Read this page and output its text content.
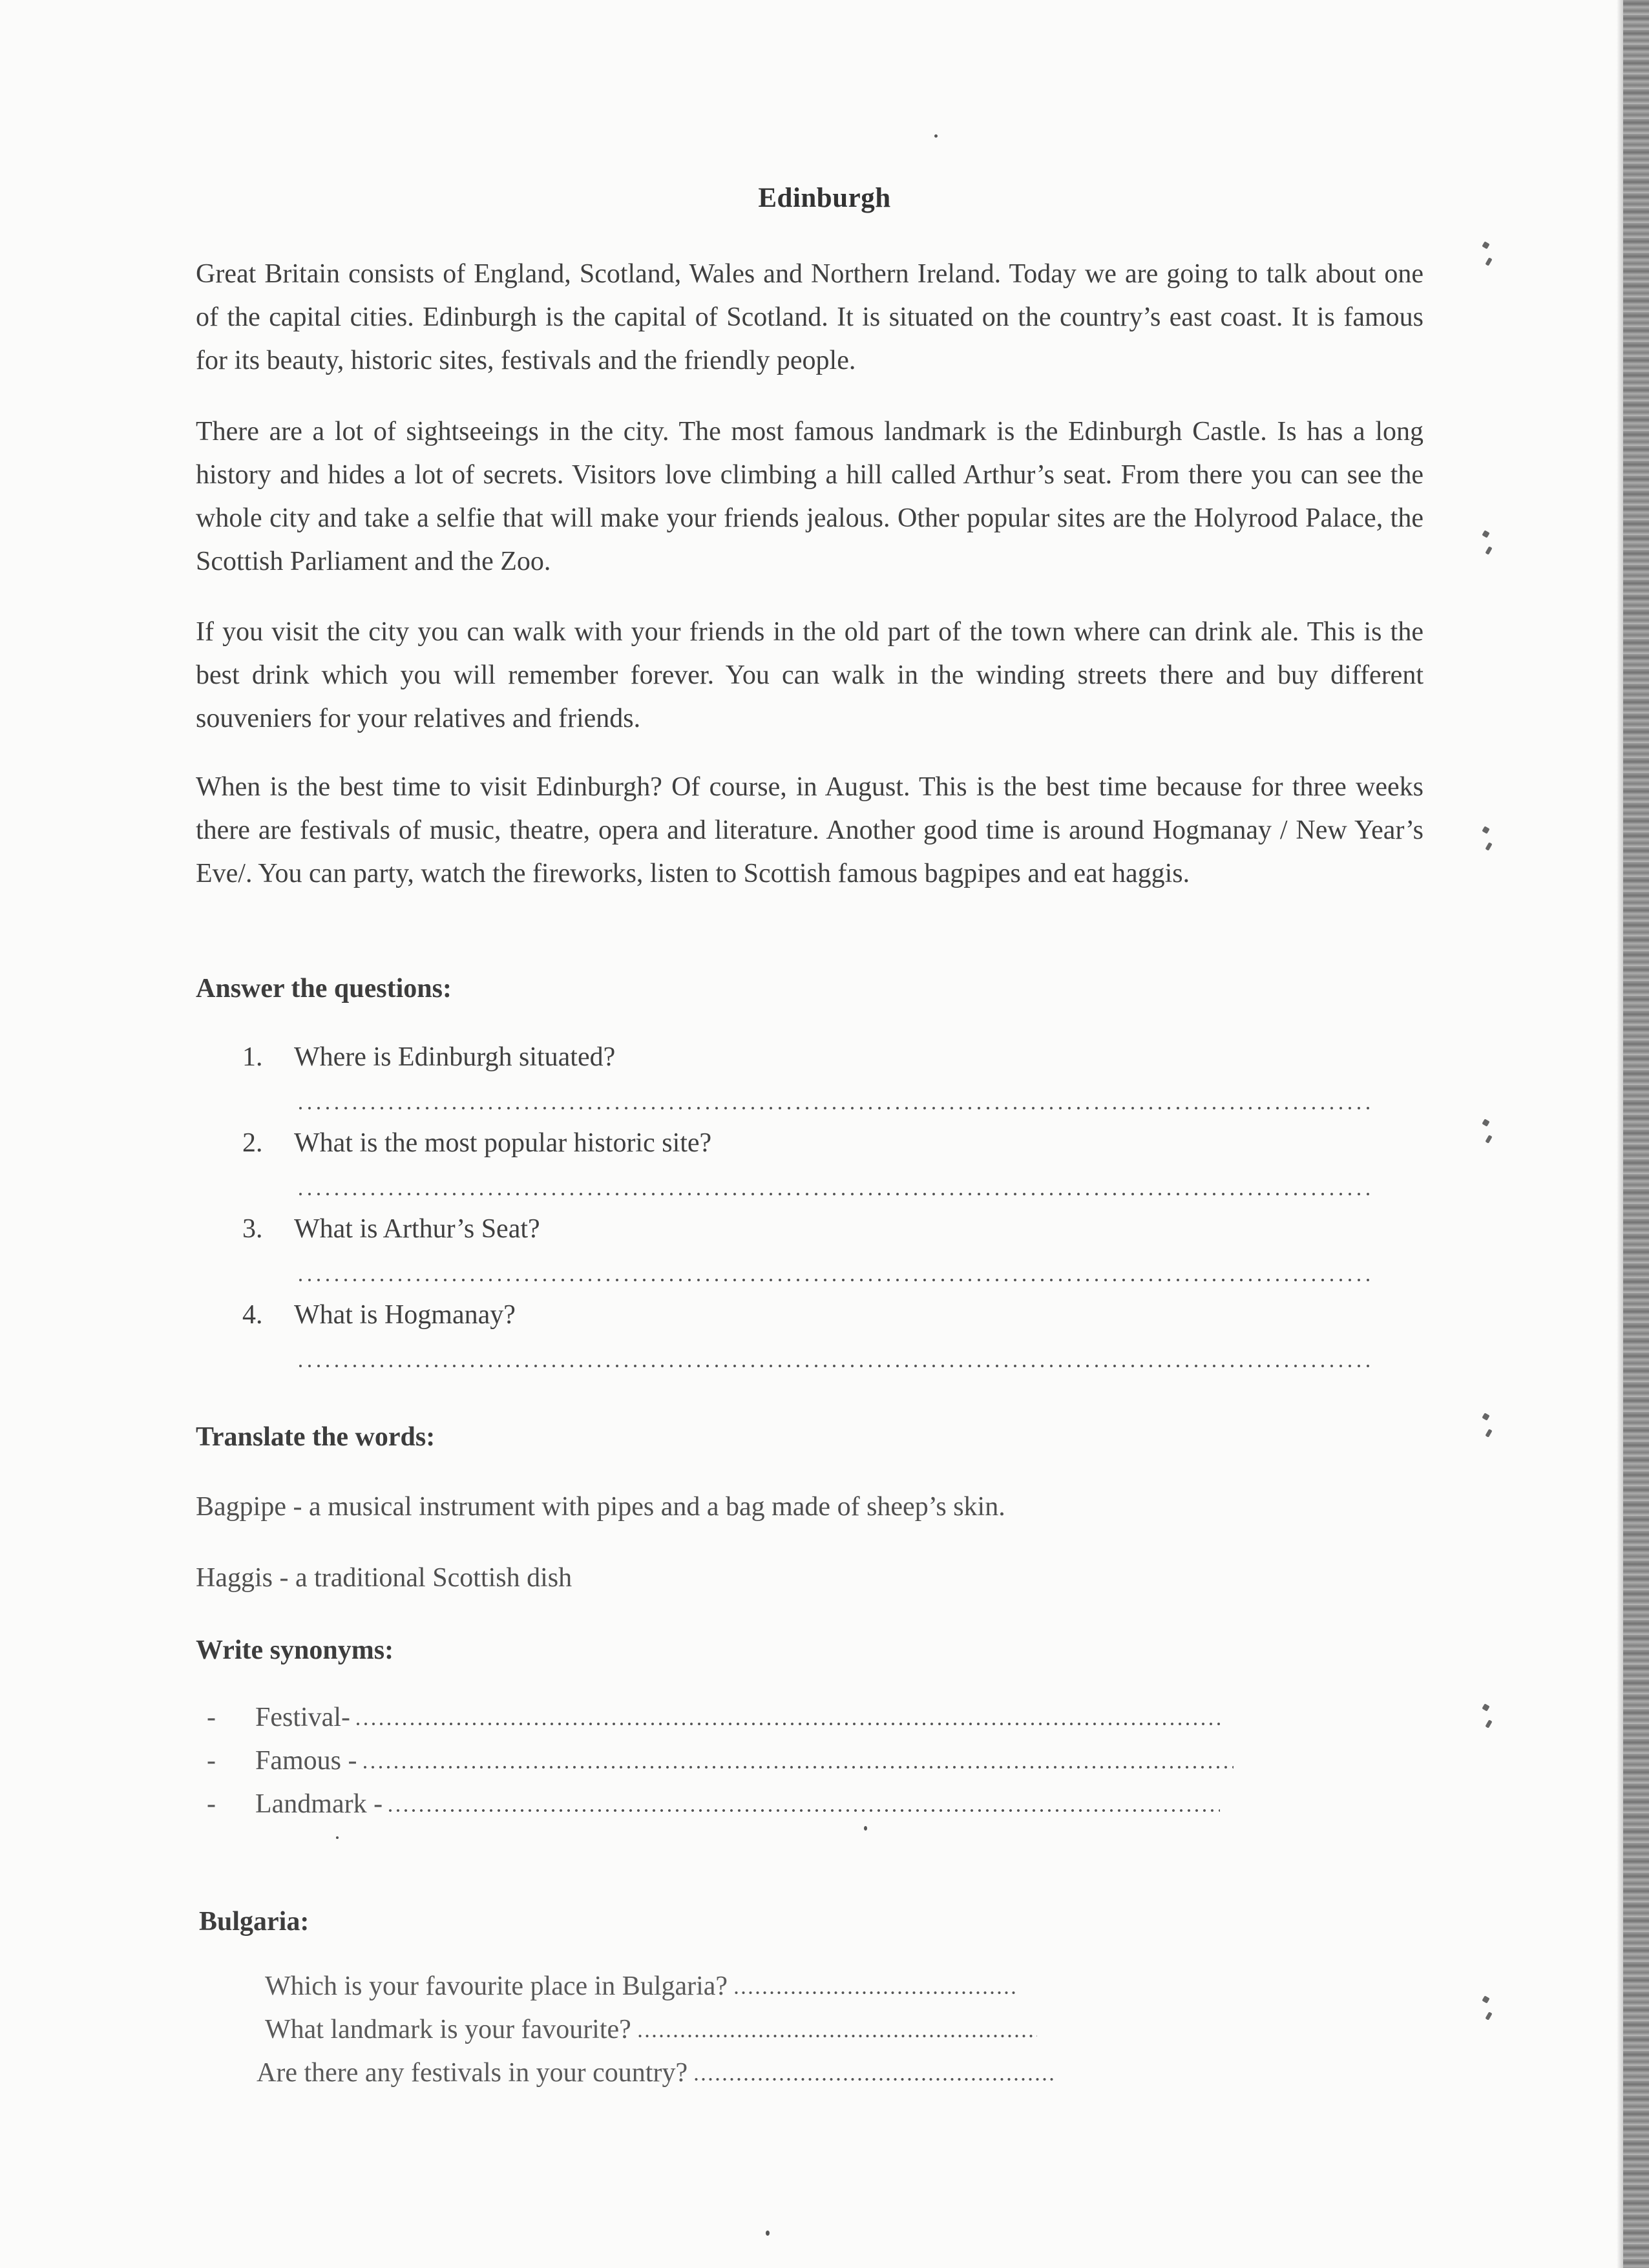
Edinburgh

Great Britain consists of England, Scotland, Wales and Northern Ireland. Today we are going to talk about one of the capital cities. Edinburgh is the capital of Scotland. It is situated on the country’s east coast. It is famous for its beauty, historic sites, festivals and the friendly people.

There are a lot of sightseeings in the city. The most famous landmark is the Edinburgh Castle. Is has a long history and hides a lot of secrets. Visitors love climbing a hill called Arthur’s seat. From there you can see the whole city and take a selfie that will make your friends jealous. Other popular sites are the Holyrood Palace, the Scottish Parliament and the Zoo.

If you visit the city you can walk with your friends in the old part of the town where can drink ale. This is the best drink which you will remember forever. You can walk in the winding streets there and buy different souveniers for your relatives and friends.

When is the best time to visit Edinburgh? Of course, in August. This is the best time because for three weeks there are festivals of music, theatre, opera and literature. Another good time is around Hogmanay / New Year’s Eve/. You can party, watch the fireworks, listen to Scottish famous bagpipes and eat haggis.

Answer the questions:
1. Where is Edinburgh situated?
2. What is the most popular historic site?
3. What is Arthur’s Seat?
4. What is Hogmanay?
Translate the words:
Bagpipe - a musical instrument with pipes and a bag made of sheep’s skin.
Haggis - a traditional Scottish dish
Write synonyms:
- Festival-
- Famous -
- Landmark -
Bulgaria:
Which is your favourite place in Bulgaria?
What landmark is your favourite?
Are there any festivals in your country?
